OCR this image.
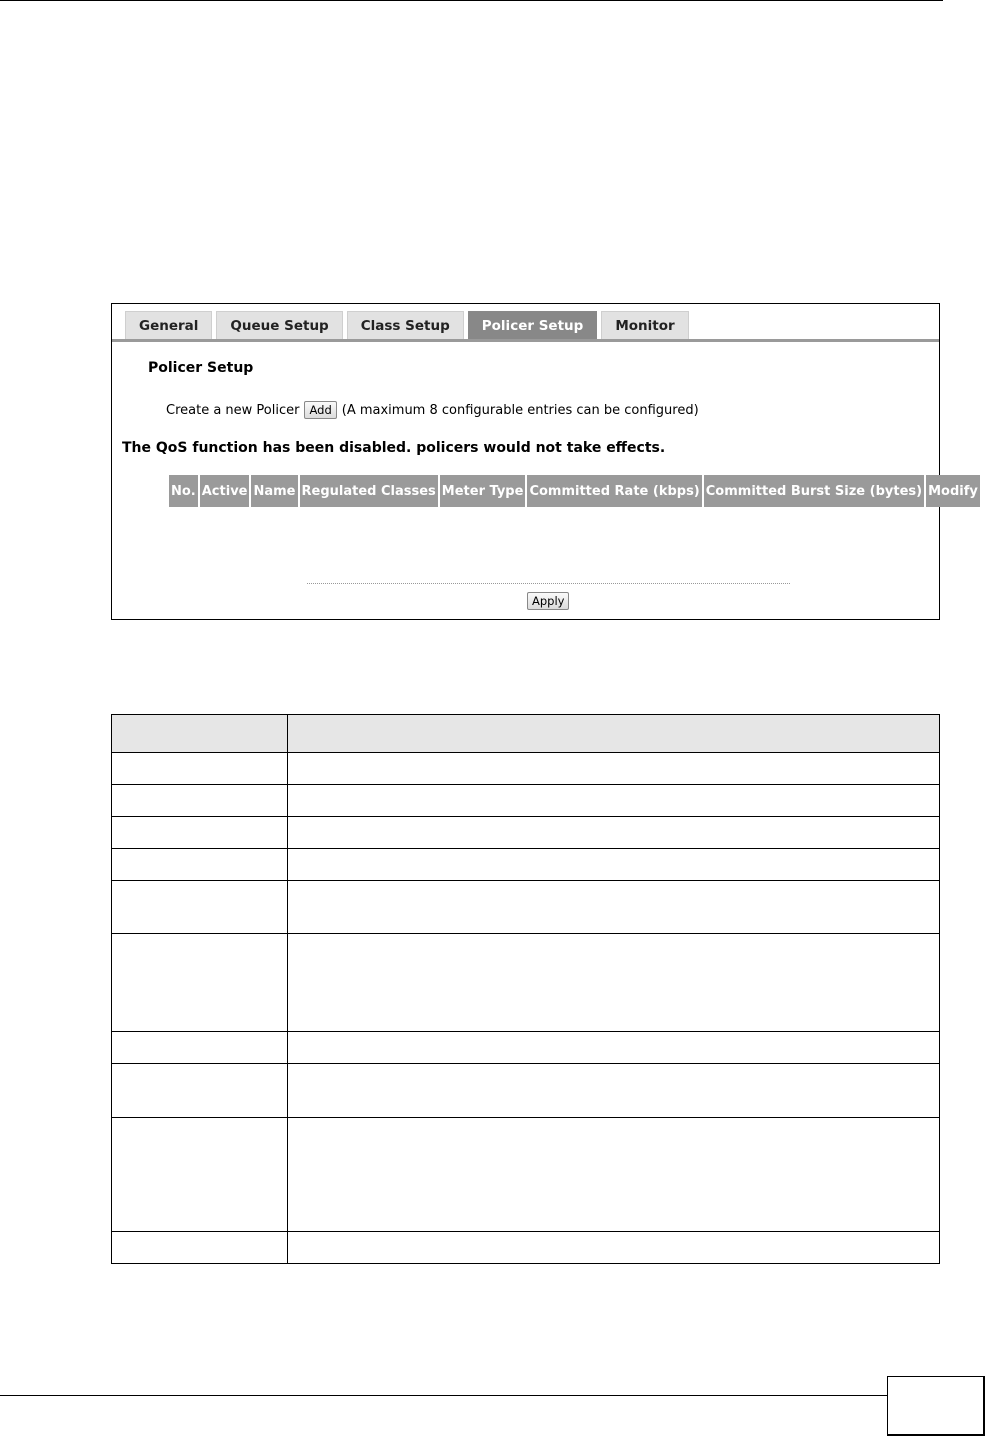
General	Queue Setup	Class Setup	Policer Setup	Monitor
Policer Setup
Create a new Policer Add (A maximum 8 configurable entries can be configured)
The QoS function has been disabled. policers would not take effects.
No.	Active	Name	Regulated Classes	Meter Type	Committed Rate (kbps)	Committed Burst Size (bytes)	Modify
Apply
